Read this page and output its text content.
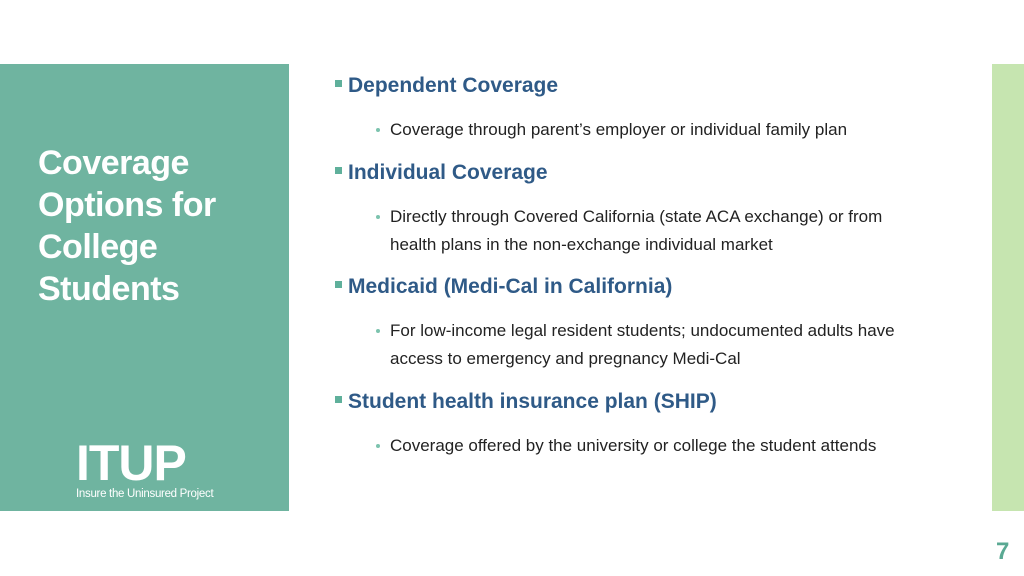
Coverage
Options for
College
Students
ITUP
Insure the Uninsured Project
Dependent Coverage
Coverage through parent’s employer or individual family plan
Individual Coverage
Directly through Covered California (state ACA exchange) or from health plans in the non-exchange individual market
Medicaid (Medi-Cal in California)
For low-income legal resident students; undocumented adults have access to emergency and pregnancy Medi-Cal
Student health insurance plan (SHIP)
Coverage offered by the university or college the student attends
7
